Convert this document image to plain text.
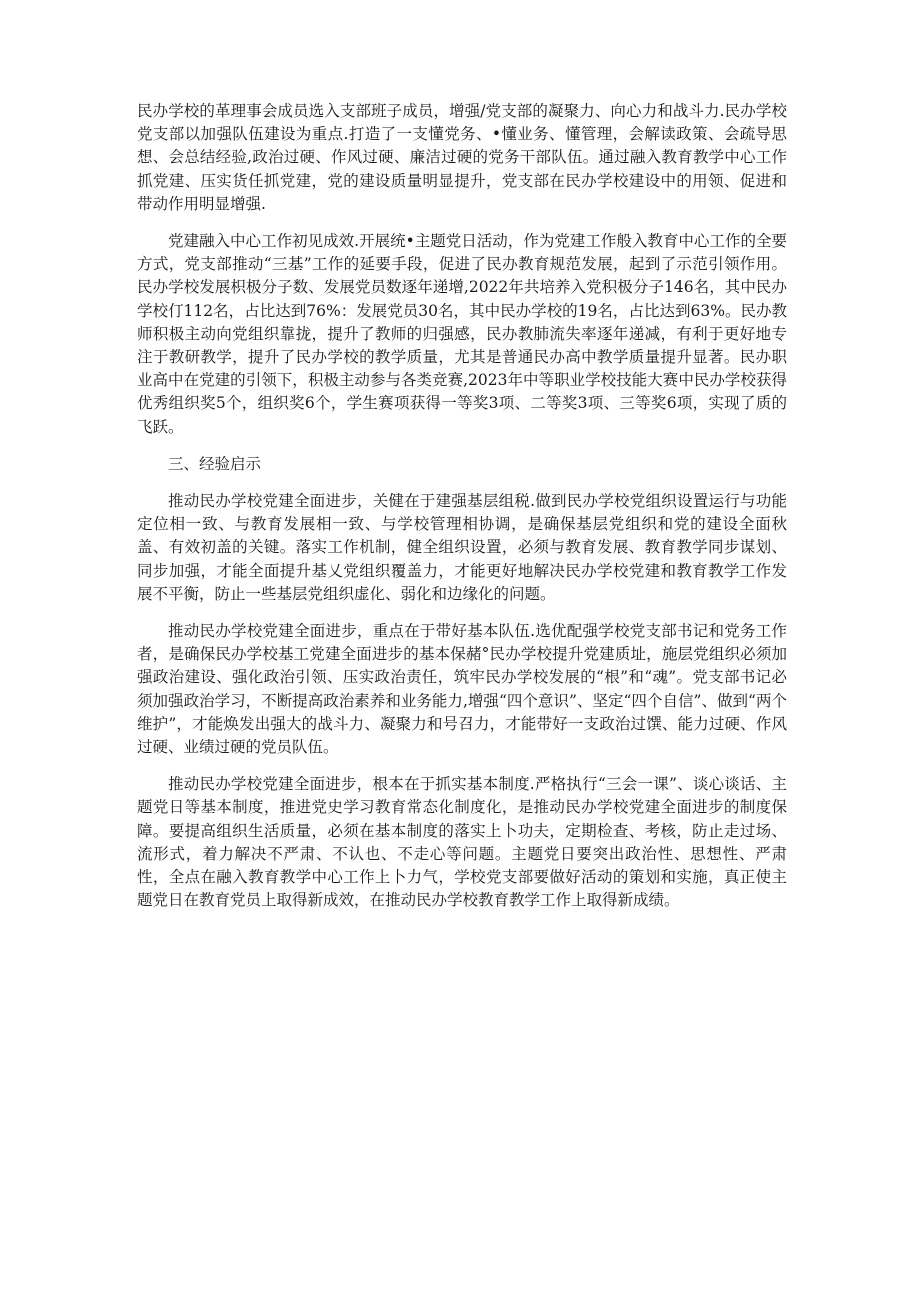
民办学校的革理事会成员选入支部班子成员，增强/党支部的凝聚力、向心力和战斗力.民办学校党支部以加强队伍建设为重点.打造了一支懂党务、•懂业务、懂管理，会解读政策、会疏导思想、会总结经验,政治过硬、作风过硬、廉洁过硬的党务干部队伍。通过融入教育教学中心工作抓党建、压实货任抓党建，党的建设质量明显提升，党支部在民办学校建设中的用领、促进和带动作用明显增强.

党建融入中心工作初见成效.开展统•主题党日活动，作为党建工作般入教育中心工作的全要方式，党支部推动“三基”工作的延要手段，促进了民办教育规范发展，起到了示范引领作用。民办学校发展枳极分子数、发展党员数逐年递增,2022年共培养入党积极分子146名，其中民办学校仃112名，占比达到76%：发展党员30名，其中民办学校的19名，占比达到63%。民办教师积极主动向党组织靠拢，提升了教师的归强感，民办教肺流失率逐年递减，有利于更好地专注于教研教学，提升了民办学校的教学质量，尤其是普通民办高中教学质量提升显著。民办职业高中在党建的引领下，积极主动参与各类竞赛,2023年中等职业学校技能大赛中民办学校获得优秀组织奖5个，组织奖6个，学生赛项获得一等奖3项、二等奖3项、三等奖6项，实现了质的飞跃。

三、经验启示

推动民办学校党建全面进步，关健在于建强基层组税.做到民办学校党组织设置运行与功能定位相一致、与教育发展相一致、与学校管理相协调，是确保基层党组织和党的建设全面秋盖、有效初盖的关键。落实工作机制，健全组织设置，必须与教育发展、教育教学同步谋划、同步加强，才能全面提升基乂党组织覆盖力，才能更好地解决民办学校党建和教育教学工作发展不平衡，防止一些基层党组织虚化、弱化和边缘化的问题。

推动民办学校党建全面进步，重点在于带好基本队伍.选优配强学校党支部书记和党务工作者，是确保民办学校基工党建全面进步的基本保赭°民办学校提升党建质址，施层党组织必须加强政治建设、强化政治引领、压实政治责任，筑牢民办学校发展的“根”和“魂”。党支部书记必须加强政治学习，不断提高政治素养和业务能力,增强“四个意识”、坚定“四个自信”、做到“两个维护”，才能焕发出强大的战斗力、凝聚力和号召力，才能带好一支政治过馔、能力过硬、作风过硬、业绩过硬的党员队伍。

推动民办学校党建全面进步，根本在于抓实基本制度.严格执行“三会一课”、谈心谈话、主题党日等基本制度，推进党史学习教育常态化制度化，是推动民办学校党建全面进步的制度保障。要提高组织生活质量，必须在基本制度的落实上卜功夫，定期检查、考核，防止走过场、流形式，着力解决不严肃、不认也、不走心等问题。主题党日要突出政治性、思想性、严肃性，全点在融入教育教学中心工作上卜力气，学校党支部要做好活动的策划和实施，真正使主题党日在教育党员上取得新成效，在推动民办学校教育教学工作上取得新成绩。
